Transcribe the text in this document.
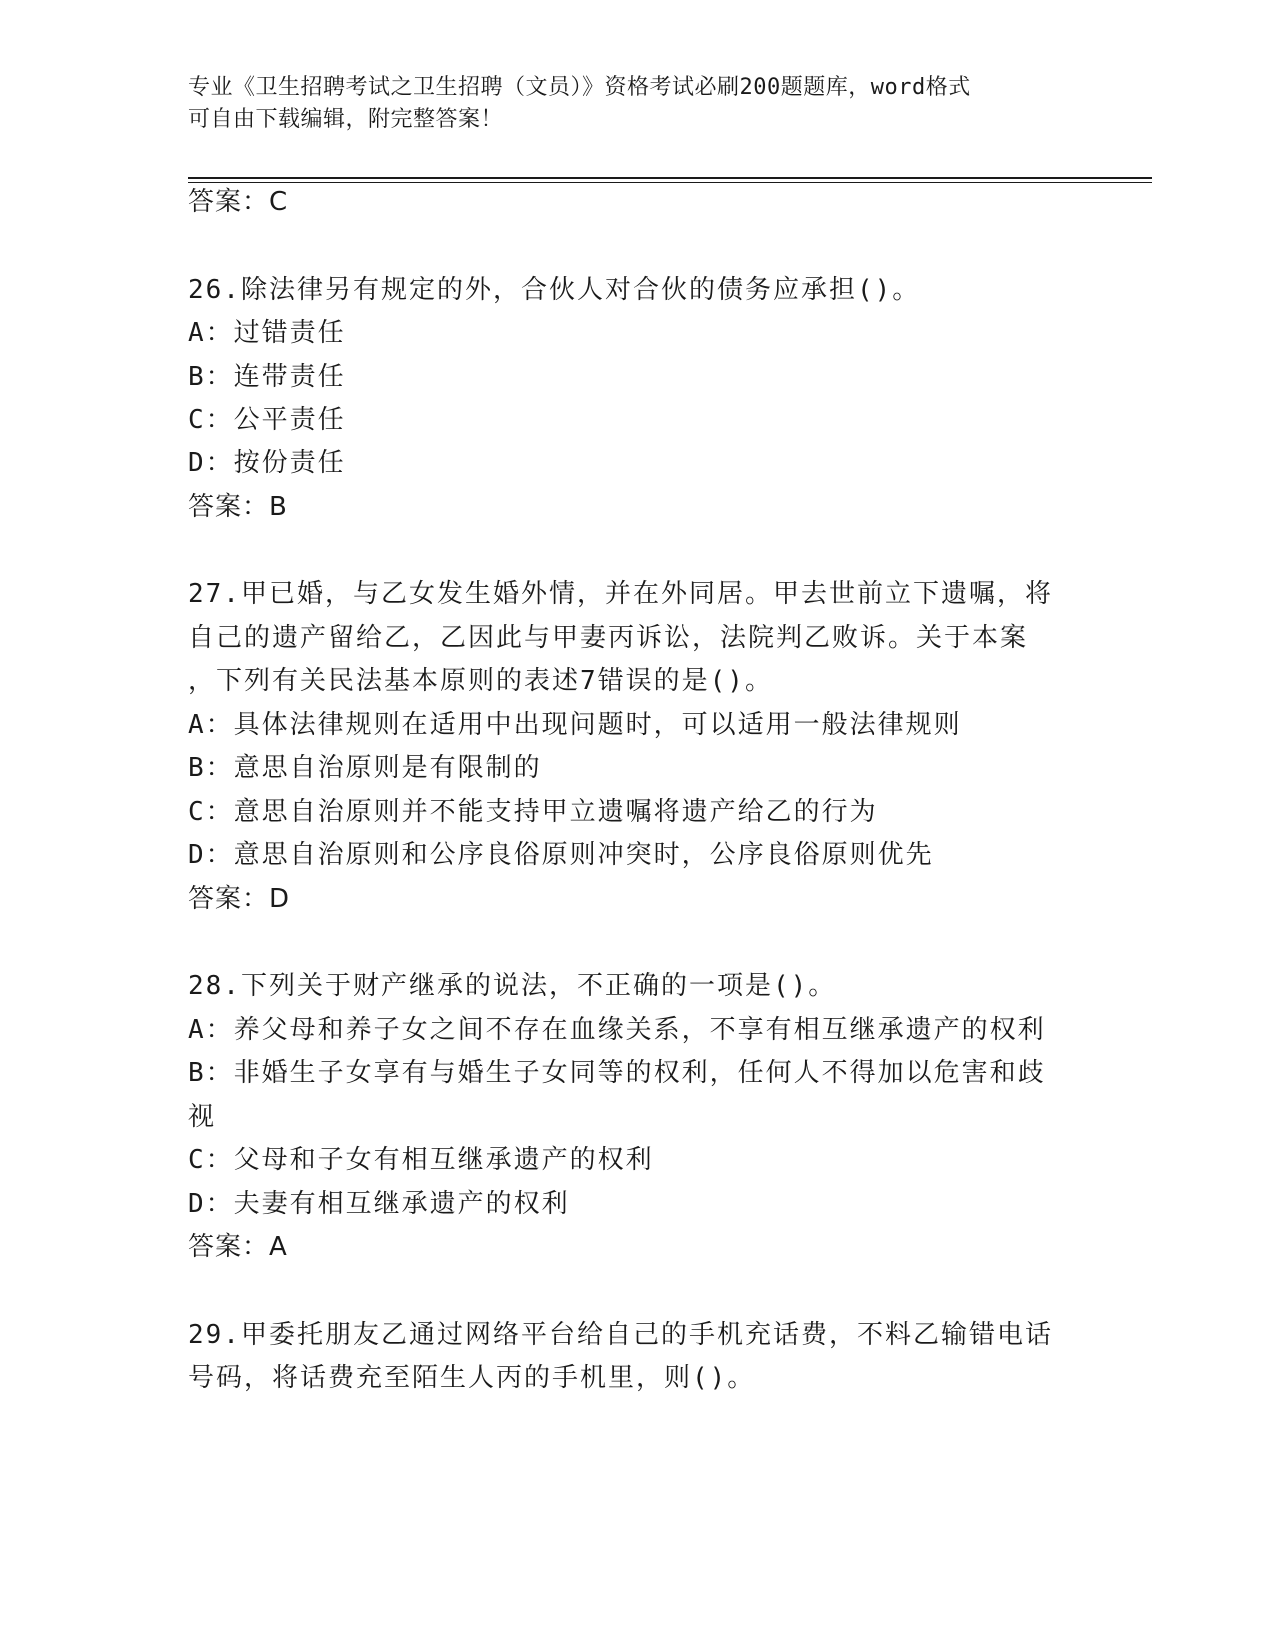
专业《卫生招聘考试之卫生招聘（文员）》资格考试必刷200题题库，word格式
可自由下载编辑，附完整答案！
答案：C
26.除法律另有规定的外，合伙人对合伙的债务应承担()。
A：过错责任
B：连带责任
C：公平责任
D：按份责任
答案：B
27.甲已婚，与乙女发生婚外情，并在外同居。甲去世前立下遗嘱，将
自己的遗产留给乙，乙因此与甲妻丙诉讼，法院判乙败诉。关于本案
，下列有关民法基本原则的表述7错误的是()。
A：具体法律规则在适用中出现问题时，可以适用一般法律规则
B：意思自治原则是有限制的
C：意思自治原则并不能支持甲立遗嘱将遗产给乙的行为
D：意思自治原则和公序良俗原则冲突时，公序良俗原则优先
答案：D
28.下列关于财产继承的说法，不正确的一项是()。
A：养父母和养子女之间不存在血缘关系，不享有相互继承遗产的权利
B：非婚生子女享有与婚生子女同等的权利，任何人不得加以危害和歧
视
C：父母和子女有相互继承遗产的权利
D：夫妻有相互继承遗产的权利
答案：A
29.甲委托朋友乙通过网络平台给自己的手机充话费，不料乙输错电话
号码，将话费充至陌生人丙的手机里，则()。
